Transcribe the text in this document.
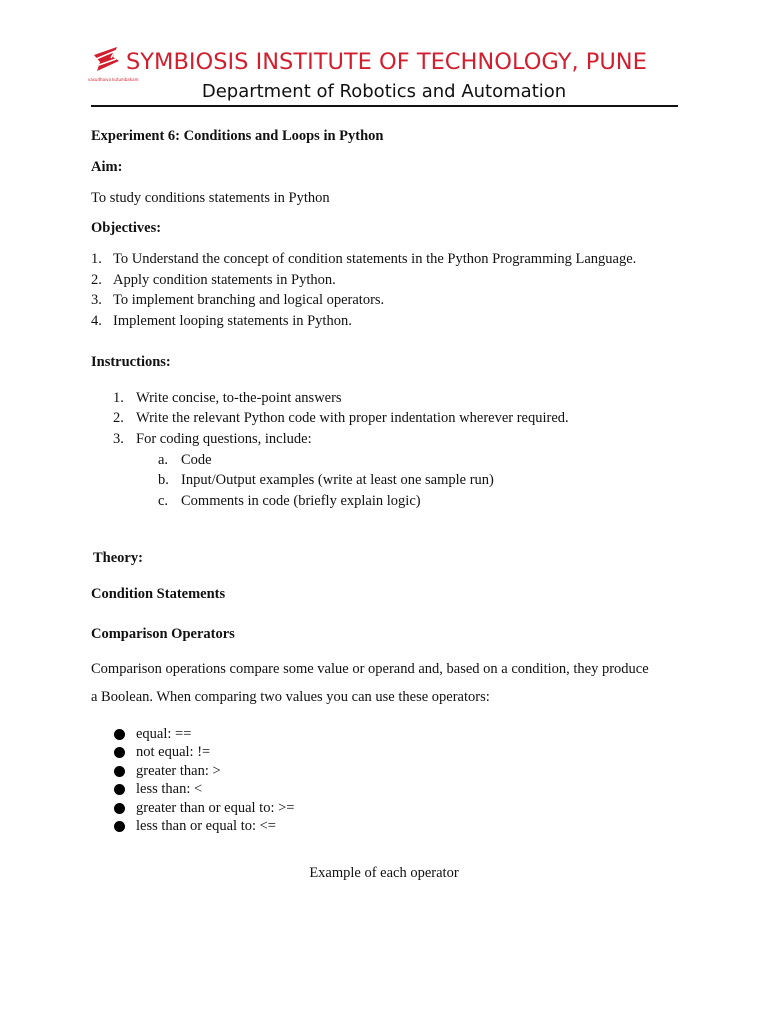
vasudhaiva kutumbakam
SYMBIOSIS INSTITUTE OF TECHNOLOGY, PUNE
Department of Robotics and Automation
Experiment 6: Conditions and Loops in Python
Aim:
To study conditions statements in Python
Objectives:
1. To Understand the concept of condition statements in the Python Programming Language.
2. Apply condition statements in Python.
3. To implement branching and logical operators.
4. Implement looping statements in Python.
Instructions:
1. Write concise, to-the-point answers
2. Write the relevant Python code with proper indentation wherever required.
3. For coding questions, include:
a. Code
b. Input/Output examples (write at least one sample run)
c. Comments in code (briefly explain logic)
Theory:
Condition Statements
Comparison Operators
Comparison operations compare some value or operand and, based on a condition, they produce
a Boolean. When comparing two values you can use these operators:
equal: ==
not equal: !=
greater than: >
less than: <
greater than or equal to: >=
less than or equal to: <=
Example of each operator
